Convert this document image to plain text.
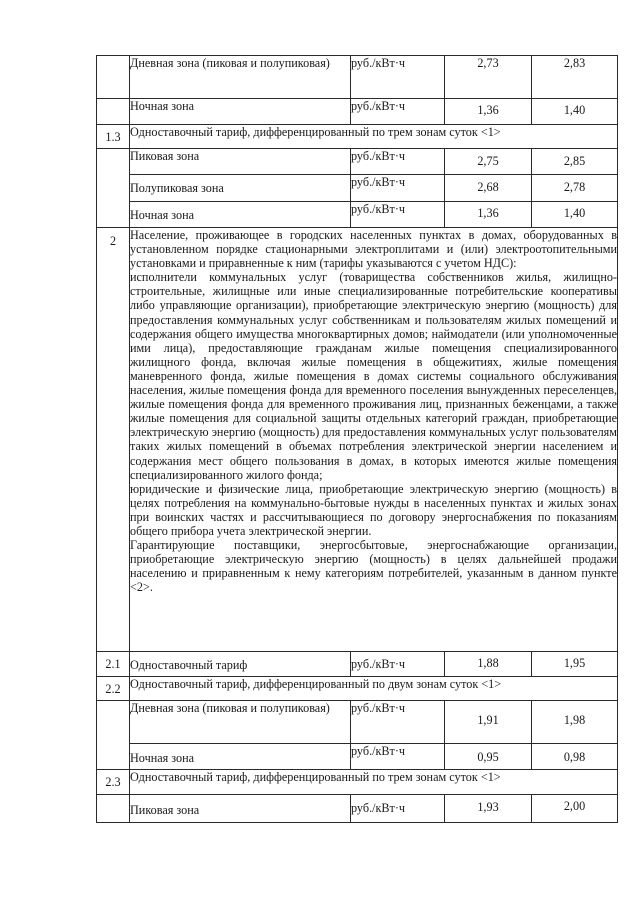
	Дневная зона (пиковая и полупиковая)	руб./кВт·ч	2,73	2,83
	Ночная зона	руб./кВт·ч	1,36	1,40
1.3	Одноставочный тариф, дифференцированный по трем зонам суток <1>			
	Пиковая зона	руб./кВт·ч	2,75	2,85
	Полупиковая зона	руб./кВт·ч	2,68	2,78
	Ночная зона	руб./кВт·ч	1,36	1,40
2	Население, проживающее в городских населенных пунктах в домах, оборудованных в установленном порядке стационарными электроплитами и (или) электроотопительными установками и приравненные к ним (тарифы указываются с учетом НДС):

исполнители коммунальных услуг (товарищества собственников жилья, жилищно-строительные, жилищные или иные специализированные потребительские кооперативы либо управляющие организации), приобретающие электрическую энергию (мощность) для предоставления коммунальных услуг собственникам и пользователям жилых помещений и содержания общего имущества многоквартирных домов; наймодатели (или уполномоченные ими лица), предоставляющие гражданам жилые помещения специализированного жилищного фонда, включая жилые помещения в общежитиях, жилые помещения маневренного фонда, жилые помещения в домах системы социального обслуживания населения, жилые помещения фонда для временного поселения вынужденных переселенцев, жилые помещения фонда для временного проживания лиц, признанных беженцами, а также жилые помещения для социальной защиты отдельных категорий граждан, приобретающие электрическую энергию (мощность) для предоставления коммунальных услуг пользователям таких жилых помещений в объемах потребления электрической энергии населением и содержания мест общего пользования в домах, в которых имеются жилые помещения специализированного жилого фонда;

юридические и физические лица, приобретающие электрическую энергию (мощность) в целях потребления на коммунально-бытовые нужды в населенных пунктах и жилых зонах при воинских частях и рассчитывающиеся по договору энергоснабжения по показаниям общего прибора учета электрической энергии.

Гарантирующие поставщики, энергосбытовые, энергоснабжающие организации, приобретающие электрическую энергию (мощность) в целях дальнейшей продажи населению и приравненным к нему категориям потребителей, указанным в данном пункте <2>.			

2.1	Одноставочный тариф	руб./кВт·ч	1,88	1,95
2.2	Одноставочный тариф, дифференцированный по двум зонам суток <1>			
	Дневная зона (пиковая и полупиковая)	руб./кВт·ч	1,91	1,98
	Ночная зона	руб./кВт·ч	0,95	0,98
2.3	Одноставочный тариф, дифференцированный по трем зонам суток <1>			
	Пиковая зона	руб./кВт·ч	1,93	2,00
